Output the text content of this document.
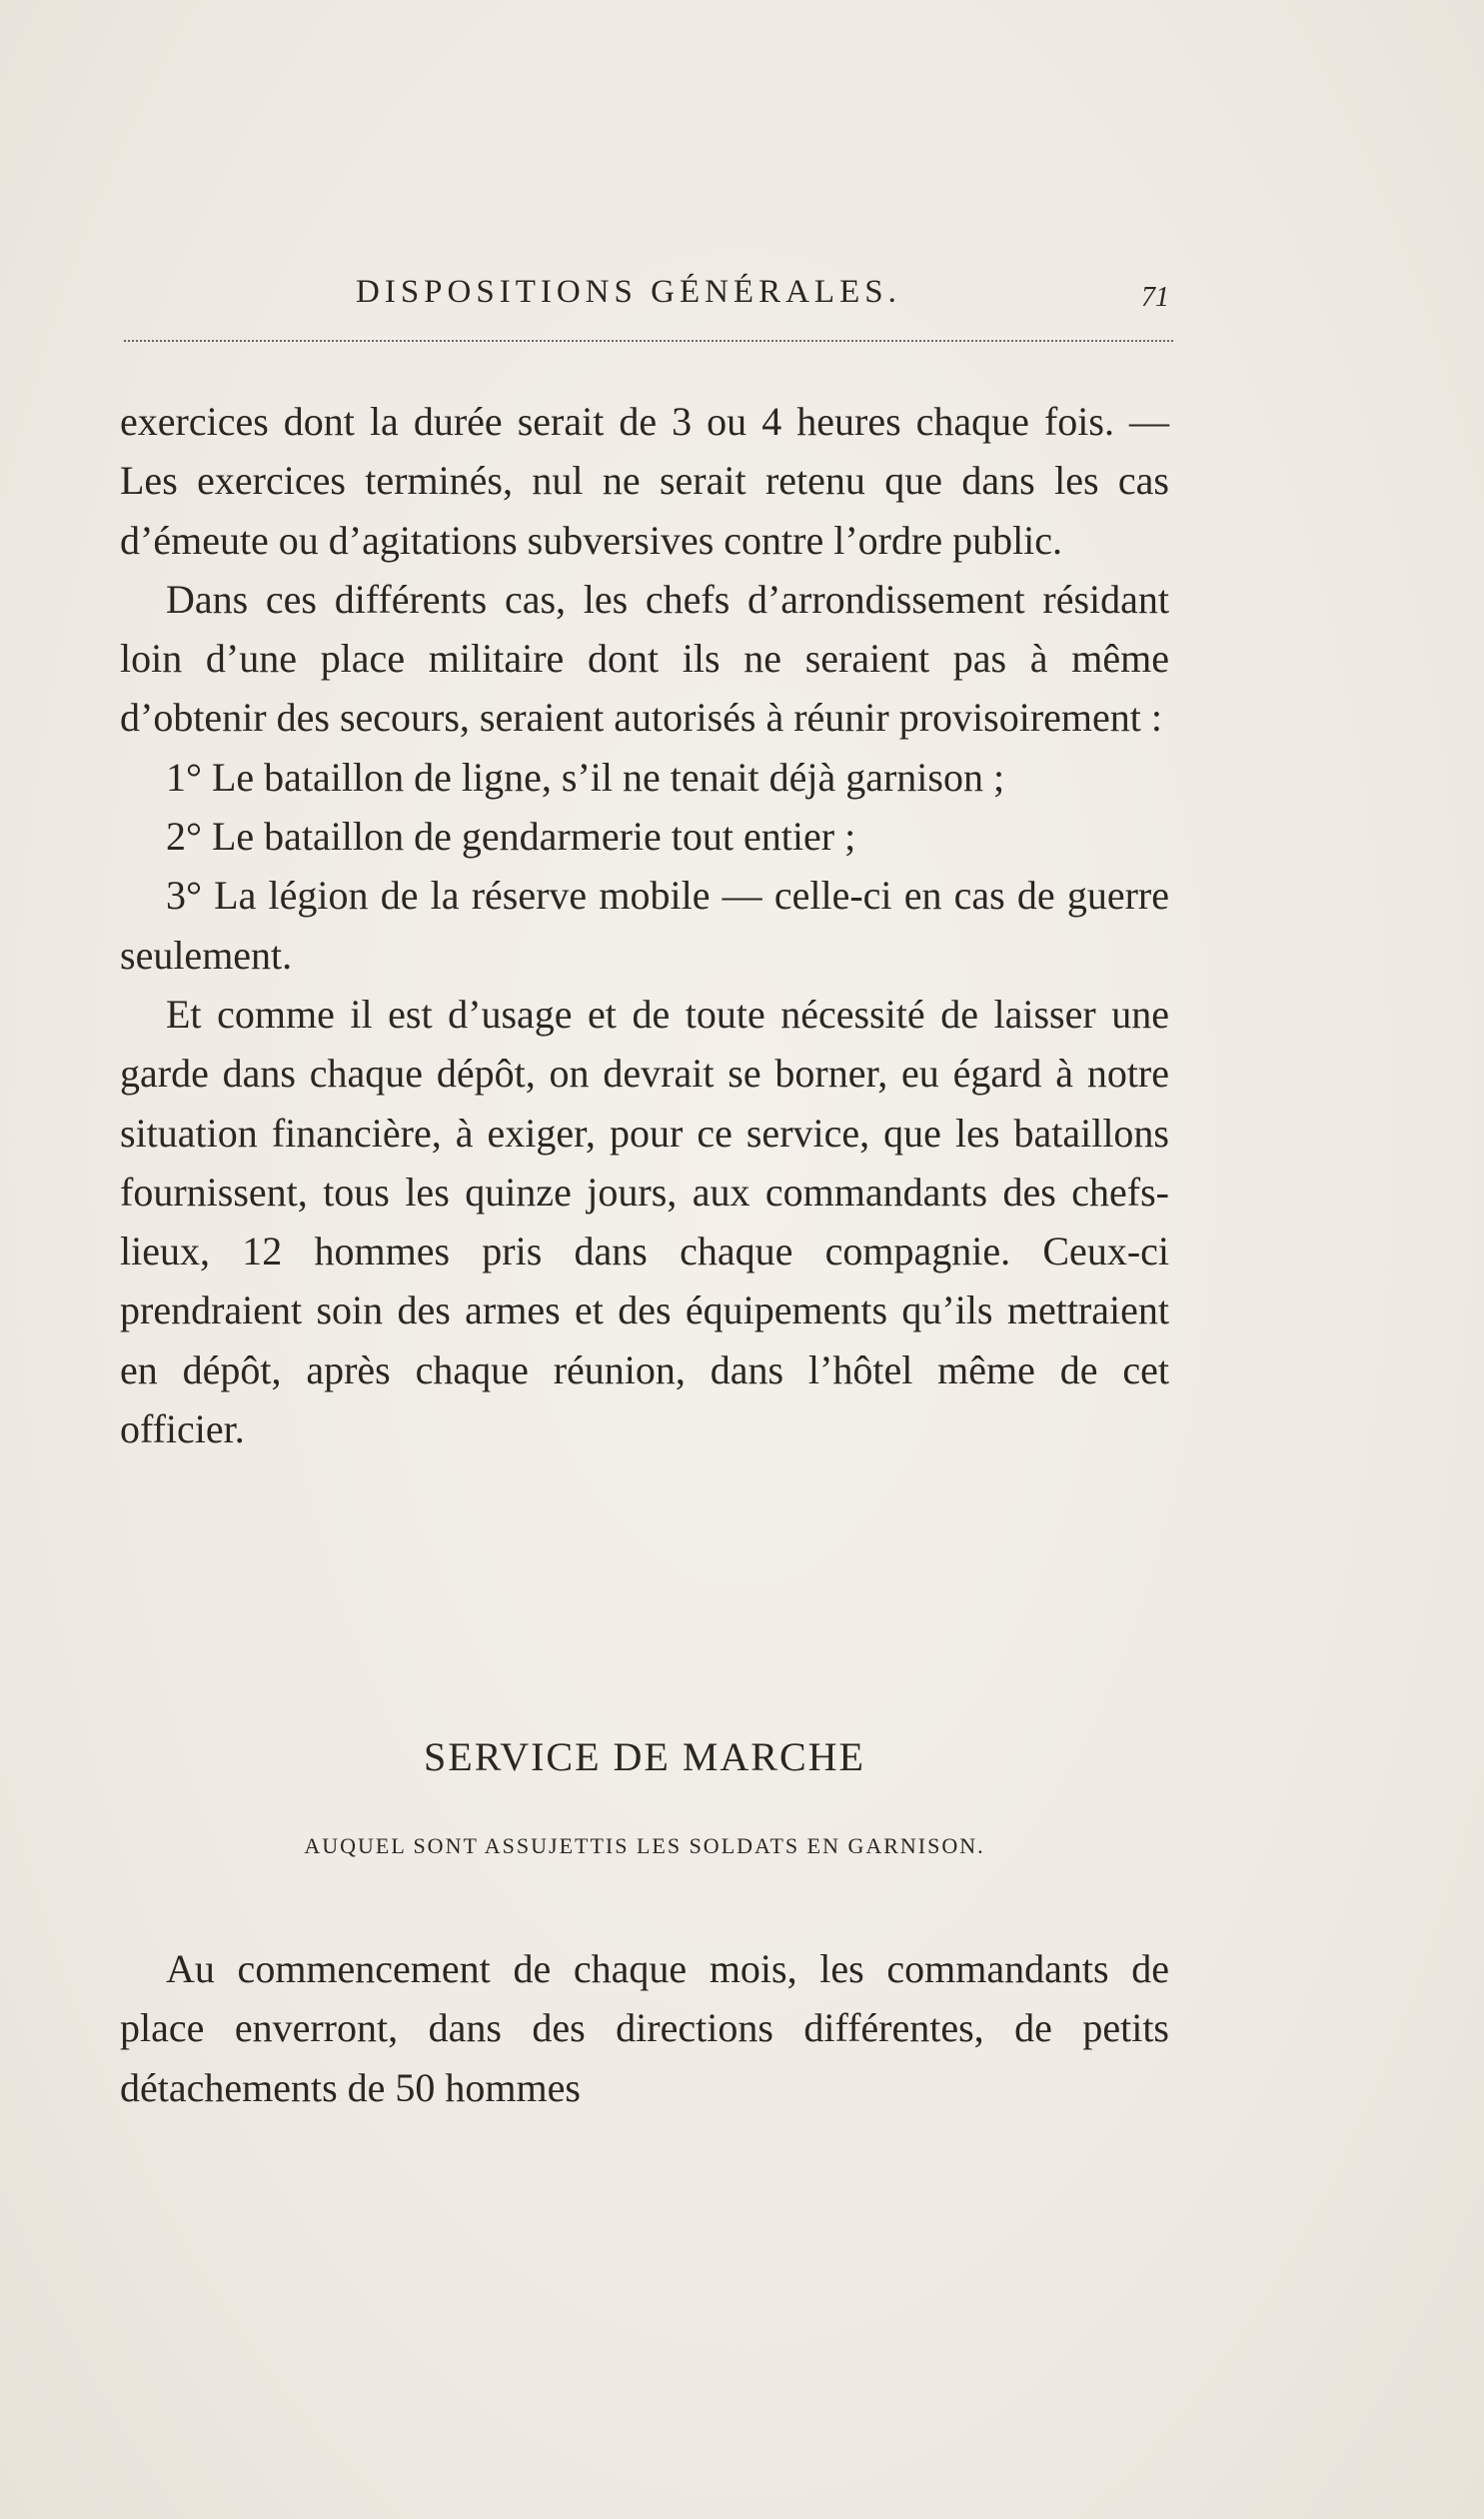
DISPOSITIONS GÉNÉRALES.	71

exercices dont la durée serait de 3 ou 4 heures chaque fois. — Les exercices terminés, nul ne serait retenu que dans les cas d’émeute ou d’agitations subversives contre l’ordre public.

Dans ces différents cas, les chefs d’arrondissement résidant loin d’une place militaire dont ils ne seraient pas à même d’obtenir des secours, seraient autorisés à réunir provisoirement :

1° Le bataillon de ligne, s’il ne tenait déjà garnison ;

2° Le bataillon de gendarmerie tout entier ;

3° La légion de la réserve mobile — celle-ci en cas de guerre seulement.

Et comme il est d’usage et de toute nécessité de laisser une garde dans chaque dépôt, on devrait se borner, eu égard à notre situation financière, à exiger, pour ce service, que les bataillons fournissent, tous les quinze jours, aux commandants des chefs-lieux, 12 hommes pris dans chaque compagnie. Ceux-ci prendraient soin des armes et des équipements qu’ils mettraient en dépôt, après chaque réunion, dans l’hôtel même de cet officier.

SERVICE DE MARCHE
AUQUEL SONT ASSUJETTIS LES SOLDATS EN GARNISON.

Au commencement de chaque mois, les commandants de place enverront, dans des directions différentes, de petits détachements de 50 hommes
